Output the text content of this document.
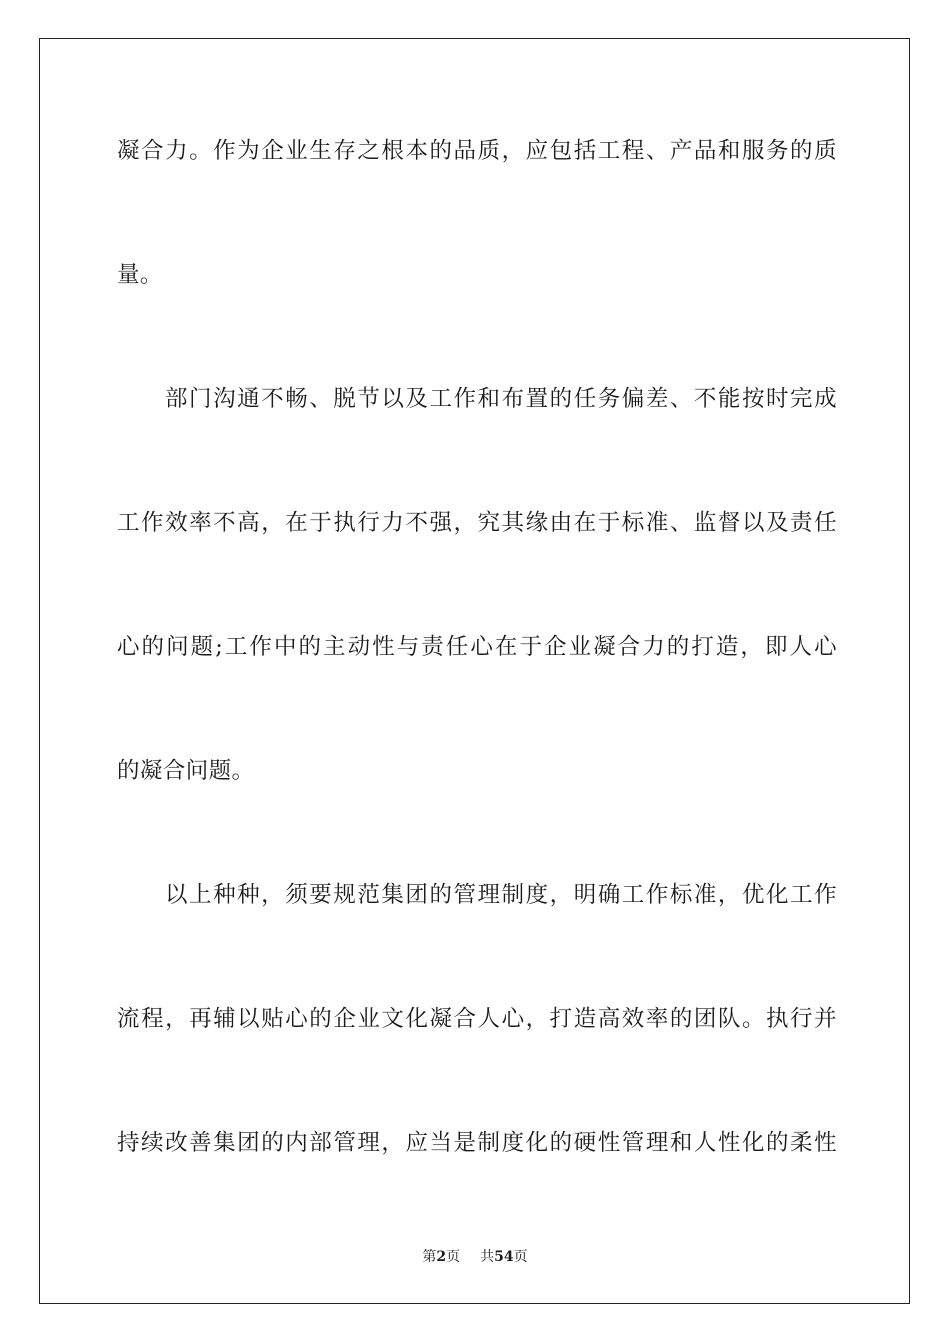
凝合力。作为企业生存之根本的品质，应包括工程、产品和服务的质
量。
部门沟通不畅、脱节以及工作和布置的任务偏差、不能按时完成
工作效率不高，在于执行力不强，究其缘由在于标准、监督以及责任
心的问题;工作中的主动性与责任心在于企业凝合力的打造，即人心
的凝合问题。
以上种种，须要规范集团的管理制度，明确工作标准，优化工作
流程，再辅以贴心的企业文化凝合人心，打造高效率的团队。执行并
持续改善集团的内部管理，应当是制度化的硬性管理和人性化的柔性
第2页 共54页
